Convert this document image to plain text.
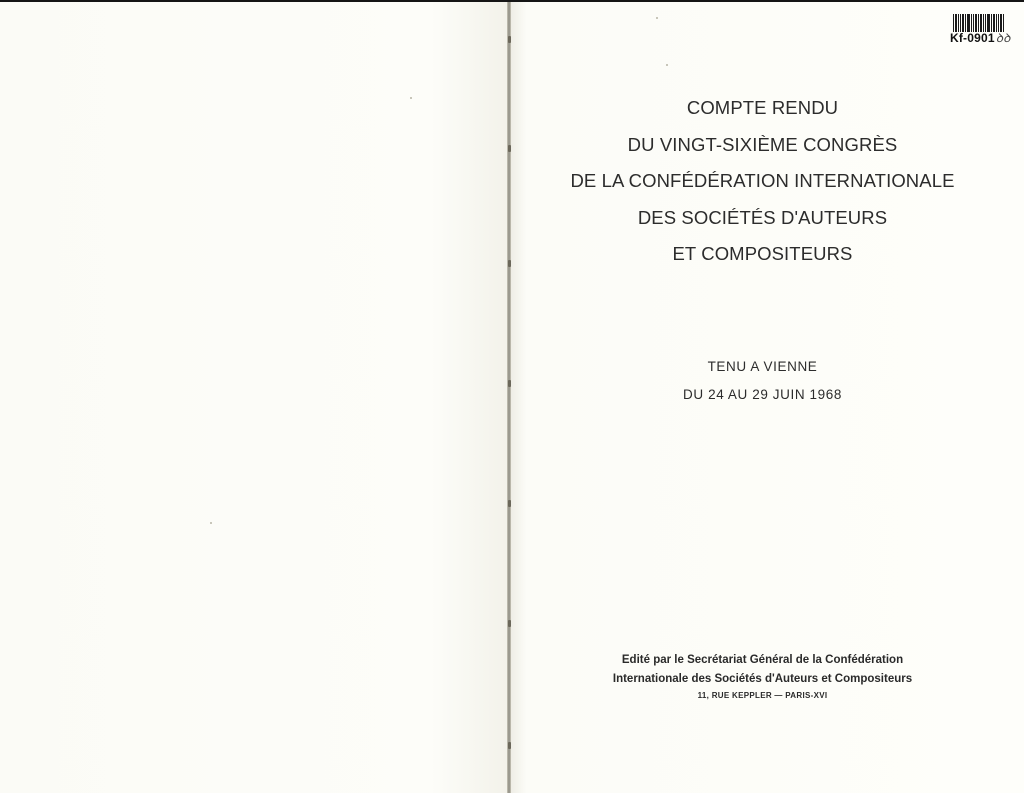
Kf-0901ꝺꝺ
COMPTE RENDU
DU VINGT-SIXIÈME CONGRÈS
DE LA CONFÉDÉRATION INTERNATIONALE
DES SOCIÉTÉS D'AUTEURS
ET COMPOSITEURS
TENU A VIENNE
DU 24 AU 29 JUIN 1968
Edité par le Secrétariat Général de la Confédération
Internationale des Sociétés d'Auteurs et Compositeurs
11, RUE KEPPLER — PARIS-XVI
